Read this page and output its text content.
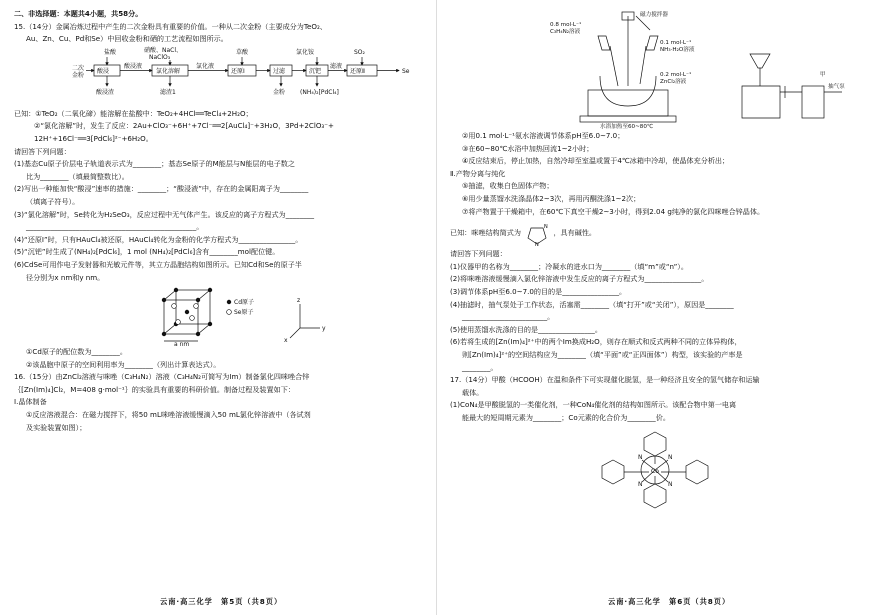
二、非选择题：本题共4小题，共58分。
15.（14分）金属冶炼过程中产生的二次金粉具有重要的价值。一种从二次金粉（主要成分为TeO₂、
Au、Zn、Cu、Pd和Se）中回收金粉和硒的工艺流程如图所示。
二次金粉
盐酸	硝酸、NaCl、 NaClO₃
草酸	氯化铵	SO₂
酸浸	氯化溶解	还原Ⅰ	过滤	沉钯	还原Ⅱ
酸浸液	氯化液	滤液
Se
酸浸渣	滤渣1	金粉 (NH₄)₂[PdCl₄]
已知：①TeO₂（二氧化碲）能溶解在盐酸中：TeO₂+4HCl══TeCl₄+2H₂O；
②“氯化溶解”时，发生了反应：2Au+ClO₃⁻+6H⁺+7Cl⁻══2[AuCl₄]⁻+3H₂O，3Pd+2ClO₃⁻+
12H⁺+16Cl⁻══3[PdCl₆]²⁻+6H₂O。
请回答下列问题：
(1)基态Cu原子价层电子轨道表示式为________；基态Se原子的M能层与N能层的电子数之
比为________（填最简整数比）。
(2)写出一种能加快“酸浸”速率的措施：________；“酸浸液”中，存在的金属阳离子为________
（填离子符号）。
(3)“氯化溶解”时，Se转化为H₂SeO₃，反应过程中无气体产生。该反应的离子方程式为________
________________________________________________。
(4)“还原Ⅰ”时，只有HAuCl₄被还原，HAuCl₄转化为金粉的化学方程式为________________。
(5)“沉钯”时生成了(NH₄)₂[PdCl₆]，1 mol (NH₄)₂[PdCl₆]含有________mol配位键。
(6)CdSe可用作电子发射器和光敏元件等，其立方晶胞结构如图所示。已知Cd和Se的原子半
径分别为x nm和y nm。
Cd原子
Se原子
a nm
z
y
x
①Cd原子的配位数为________。
②该晶胞中原子的空间利用率为________（列出计算表达式）。
16.（15分）由ZnCl₂溶液与咪唑（C₃H₄N₂）溶液（C₃H₄N₂可简写为Im）制备氯化四咪唑合锌
｛[Zn(Im)₄]Cl₂，M=408 g·mol⁻¹｝的实验具有重要的科研价值。制备过程及装置如下：
Ⅰ.晶体制备
①反应溶液混合：在磁力搅拌下，将50 mL咪唑溶液缓慢滴入50 mL氯化锌溶液中（各试剂
及实验装置如图）；
云南·高三化学　第5页（共8页）
磁力搅拌器
0.8 mol·L⁻¹ C₃H₄N₂溶液
0.1 mol·L⁻¹ NH₃·H₂O溶液
0.2 mol·L⁻¹ ZnCl₂溶液
水浴加热至60~80℃
甲
抽气泵
②用0.1 mol·L⁻¹氨水溶液调节体系pH至6.0~7.0；
③在60~80℃水浴中加热回流1~2小时；
④反应结束后，停止加热，自然冷却至室温或置于4℃冰箱中冷却，使晶体充分析出；
Ⅱ.产物分离与纯化
⑤抽滤，收集白色固体产物；
⑥用少量蒸馏水洗涤晶体2~3次，再用丙酮洗涤1~2次；
⑦将产物置于干燥箱中，在60℃下真空干燥2~3小时，得到2.04 g纯净的氯化四咪唑合锌晶体。
已知：咪唑结构简式为
N
N
，具有碱性。
请回答下列问题：
(1)仪器甲的名称为________；冷凝水的进水口为________（填“m”或“n”）。
(2)将咪唑溶液缓慢滴入氯化锌溶液中发生反应的离子方程式为________________。
(3)调节体系pH至6.0~7.0的目的是________________。
(4)抽滤时，抽气泵处于工作状态，活塞需________（填“打开”或“关闭”），原因是________
________________________。
(5)使用蒸馏水洗涤的目的是________________。
(6)若将生成的[Zn(Im)₄]²⁺中的两个Im换成H₂O，则存在顺式和反式两种不同的立体异构体，
则[Zn(Im)₄]²⁺的空间结构应为________（填“平面”或“正四面体”）构型，该实验的产率是
________。
17.（14分）甲酸（HCOOH）在温和条件下可实现催化脱氢，是一种经济且安全的氢气储存和运输
载体。
(1)CoN₄是甲酸脱氢的一类催化剂，一种CoN₄催化剂的结构如图所示。该配合物中第一电离
能最大的短周期元素为________；Co元素的化合价为________价。
Co
N	N
N	N
云南·高三化学　第6页（共8页）
